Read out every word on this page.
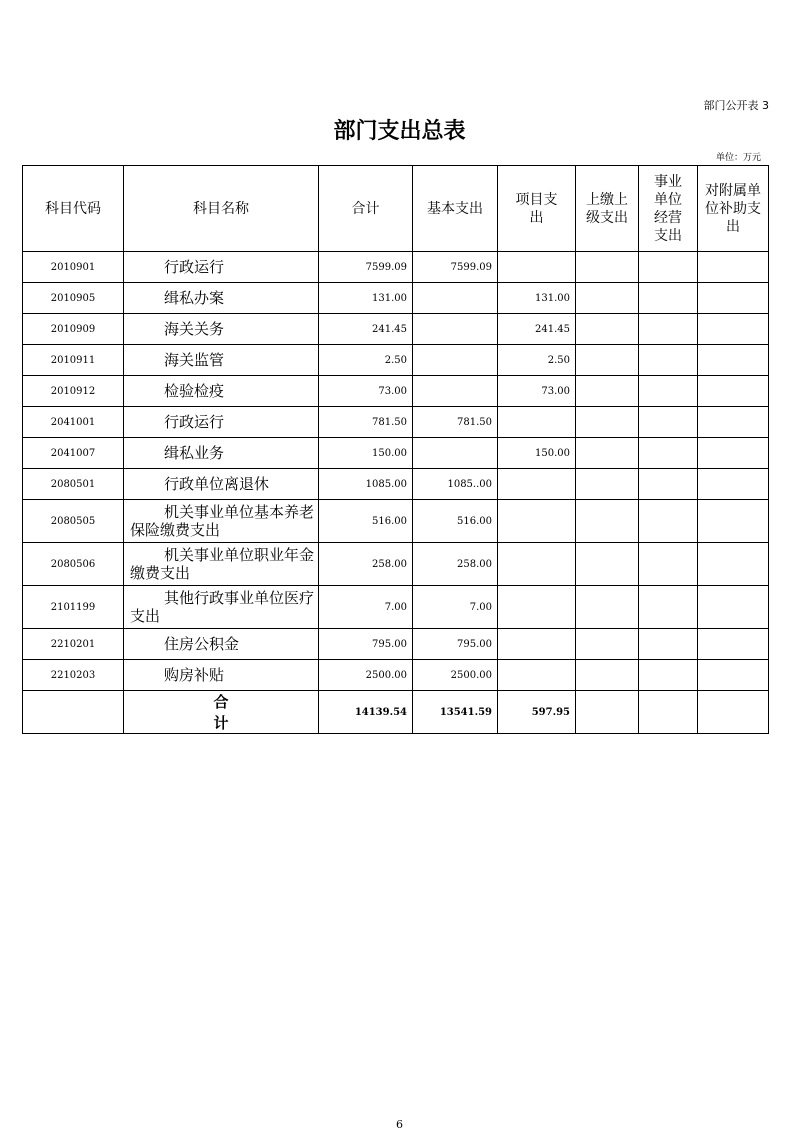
部门公开表 3
部门支出总表
单位：万元
科目代码	科目名称	合计	基本支出	项目支出	上缴上级支出	事业单位经营支出	对附属单位补助支出
2010901	行政运行	7599.09	7599.09				
2010905	缉私办案	131.00		131.00			
2010909	海关关务	241.45		241.45			
2010911	海关监管	2.50		2.50			
2010912	检验检疫	73.00		73.00			
2041001	行政运行	781.50	781.50				
2041007	缉私业务	150.00		150.00			
2080501	行政单位离退休	1085.00	1085..00				
2080505	机关事业单位基本养老保险缴费支出	516.00	516.00				
2080506	机关事业单位职业年金缴费支出	258.00	258.00				
2101199	其他行政事业单位医疗支出	7.00	7.00				
2210201	住房公积金	795.00	795.00				
2210203	购房补贴	2500.00	2500.00				
	合计	14139.54	13541.59	597.95			
6
